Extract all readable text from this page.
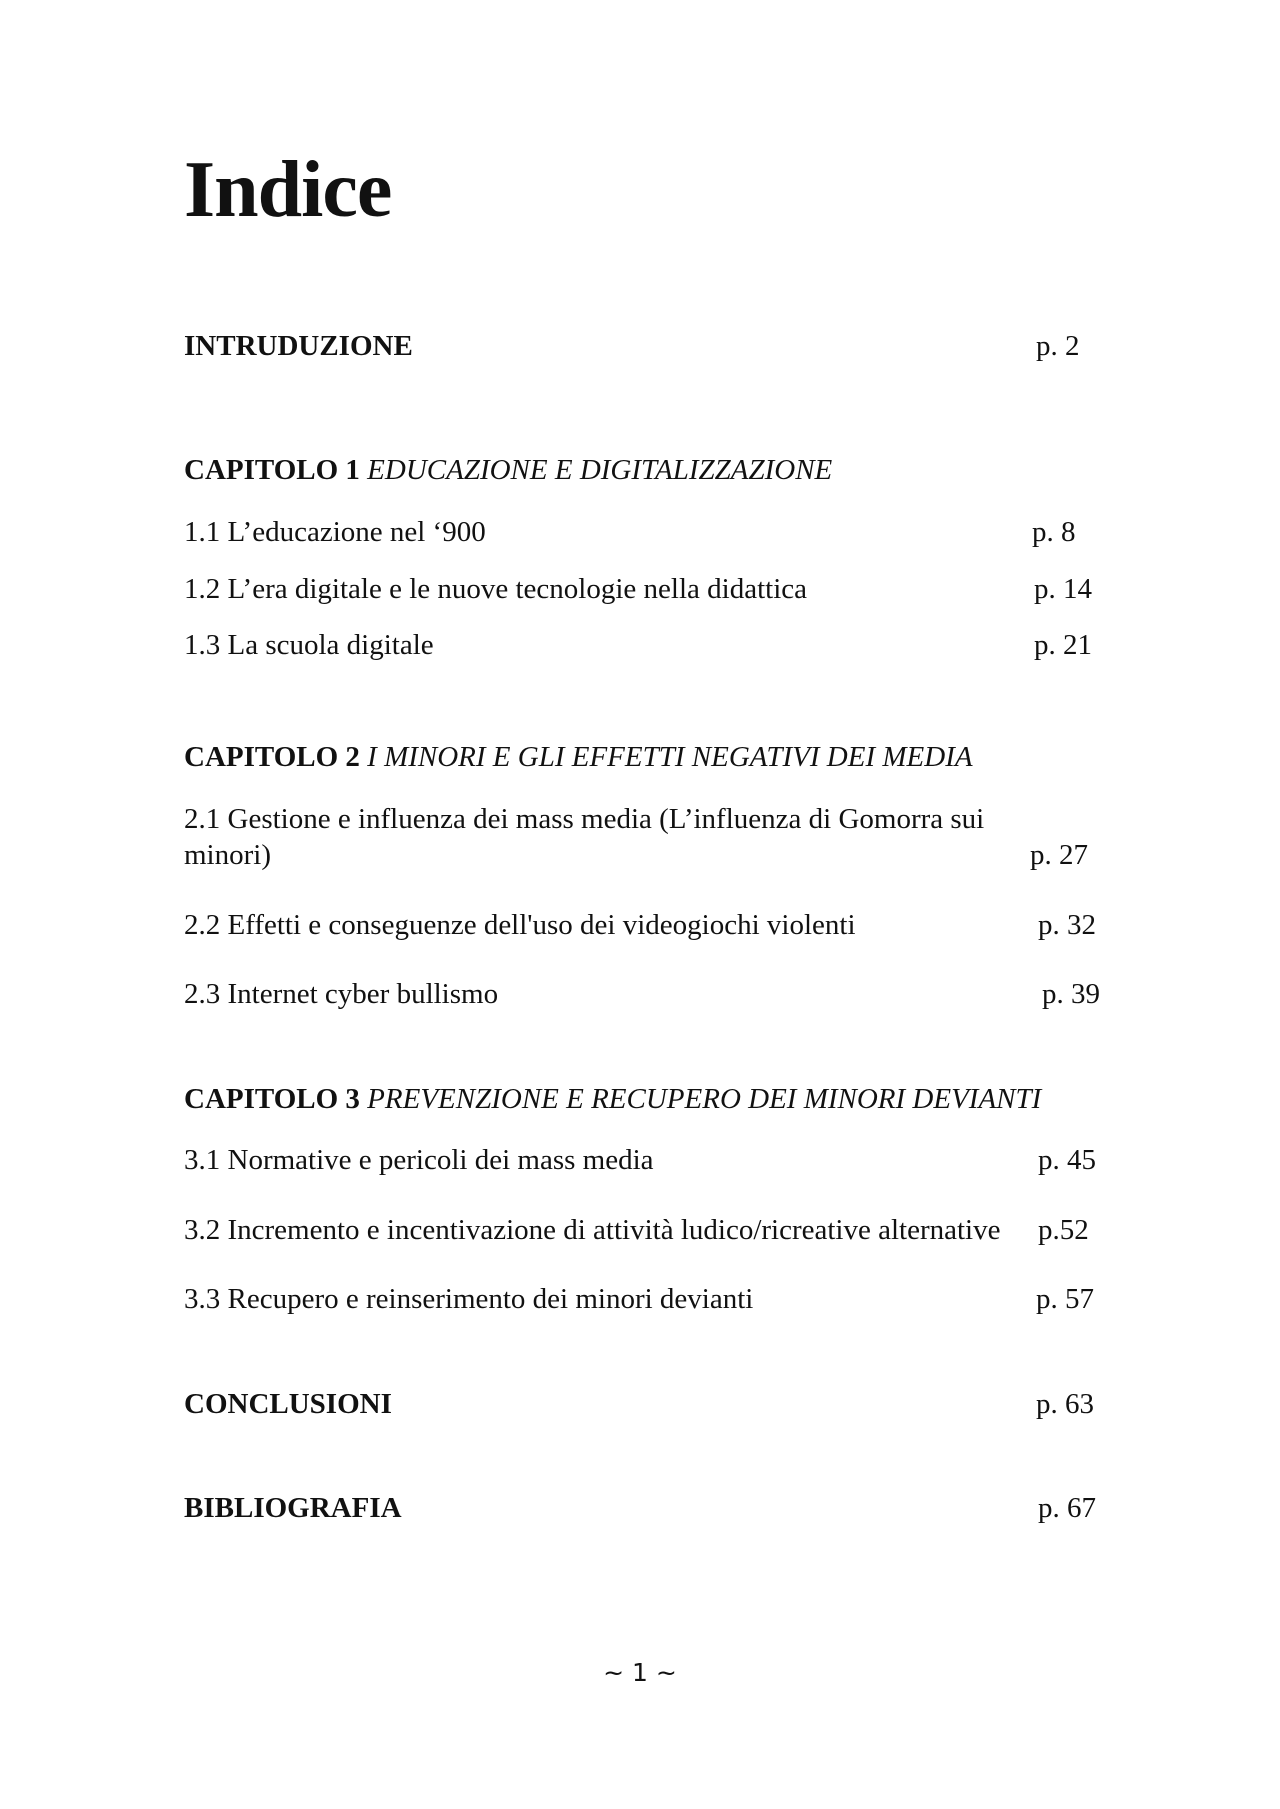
Indice
INTRUDUZIONE	p. 2
CAPITOLO 1 EDUCAZIONE E DIGITALIZZAZIONE
1.1 L’educazione nel ‘900	p. 8
1.2 L’era digitale e le nuove tecnologie nella didattica	p. 14
1.3 La scuola digitale	p. 21
CAPITOLO 2 I MINORI E GLI EFFETTI NEGATIVI DEI MEDIA
2.1 Gestione e influenza dei mass media (L’influenza di Gomorra sui
minori)	p. 27
2.2 Effetti e conseguenze dell'uso dei videogiochi violenti	p. 32
2.3 Internet cyber bullismo	p. 39
CAPITOLO 3 PREVENZIONE E RECUPERO DEI MINORI DEVIANTI
3.1 Normative e pericoli dei mass media	p. 45
3.2 Incremento e incentivazione di attività ludico/ricreative alternative p.52
3.3 Recupero e reinserimento dei minori devianti	p. 57
CONCLUSIONI	p. 63
BIBLIOGRAFIA	p. 67
~ 1 ~
